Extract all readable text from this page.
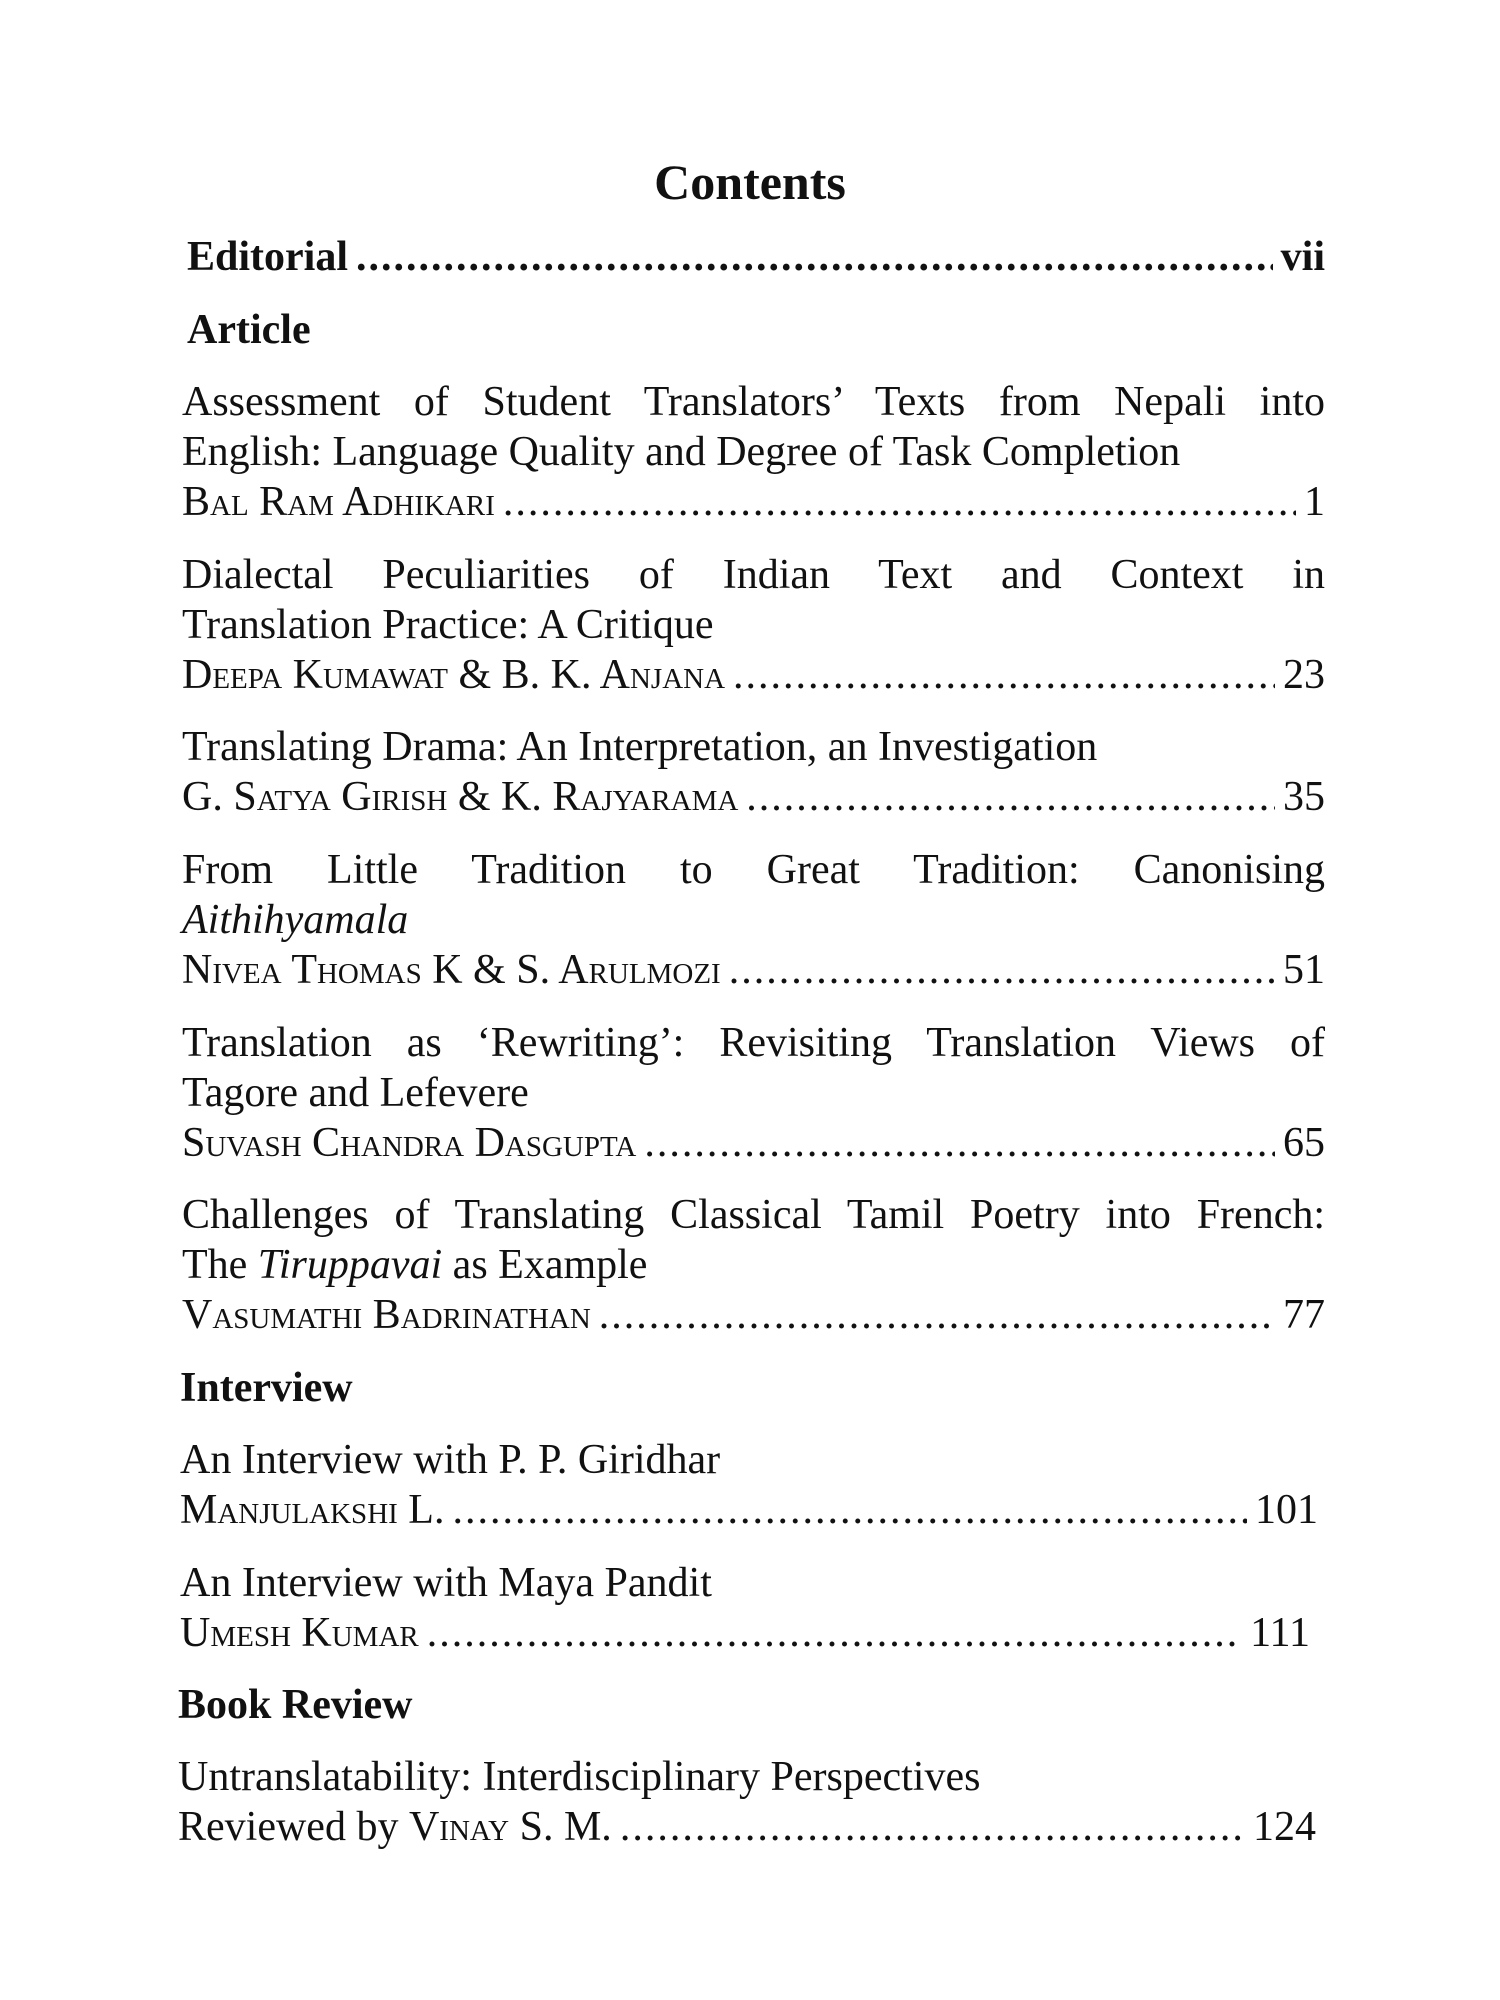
Contents
Editorial .....	vii
Article
Assessment of Student Translators’ Texts from Nepali into
English: Language Quality and Degree of Task Completion
Bal Ram Adhikari .....	1
Dialectal Peculiarities of Indian Text and Context in
Translation Practice: A Critique
Deepa Kumawat & B. K. Anjana .....	23
Translating Drama: An Interpretation, an Investigation
G. Satya Girish & K. Rajyarama .....	35
From Little Tradition to Great Tradition: Canonising
Aithihyamala
Nivea Thomas K & S. Arulmozi .....	51
Translation as ‘Rewriting’: Revisiting Translation Views of
Tagore and Lefevere
Suvash Chandra Dasgupta .....	65
Challenges of Translating Classical Tamil Poetry into French:
The Tiruppavai as Example
Vasumathi Badrinathan .....	77
Interview
An Interview with P. P. Giridhar
Manjulakshi L. .....	101
An Interview with Maya Pandit
Umesh Kumar .....	111
Book Review
Untranslatability: Interdisciplinary Perspectives
Reviewed by Vinay S. M. .....	124
